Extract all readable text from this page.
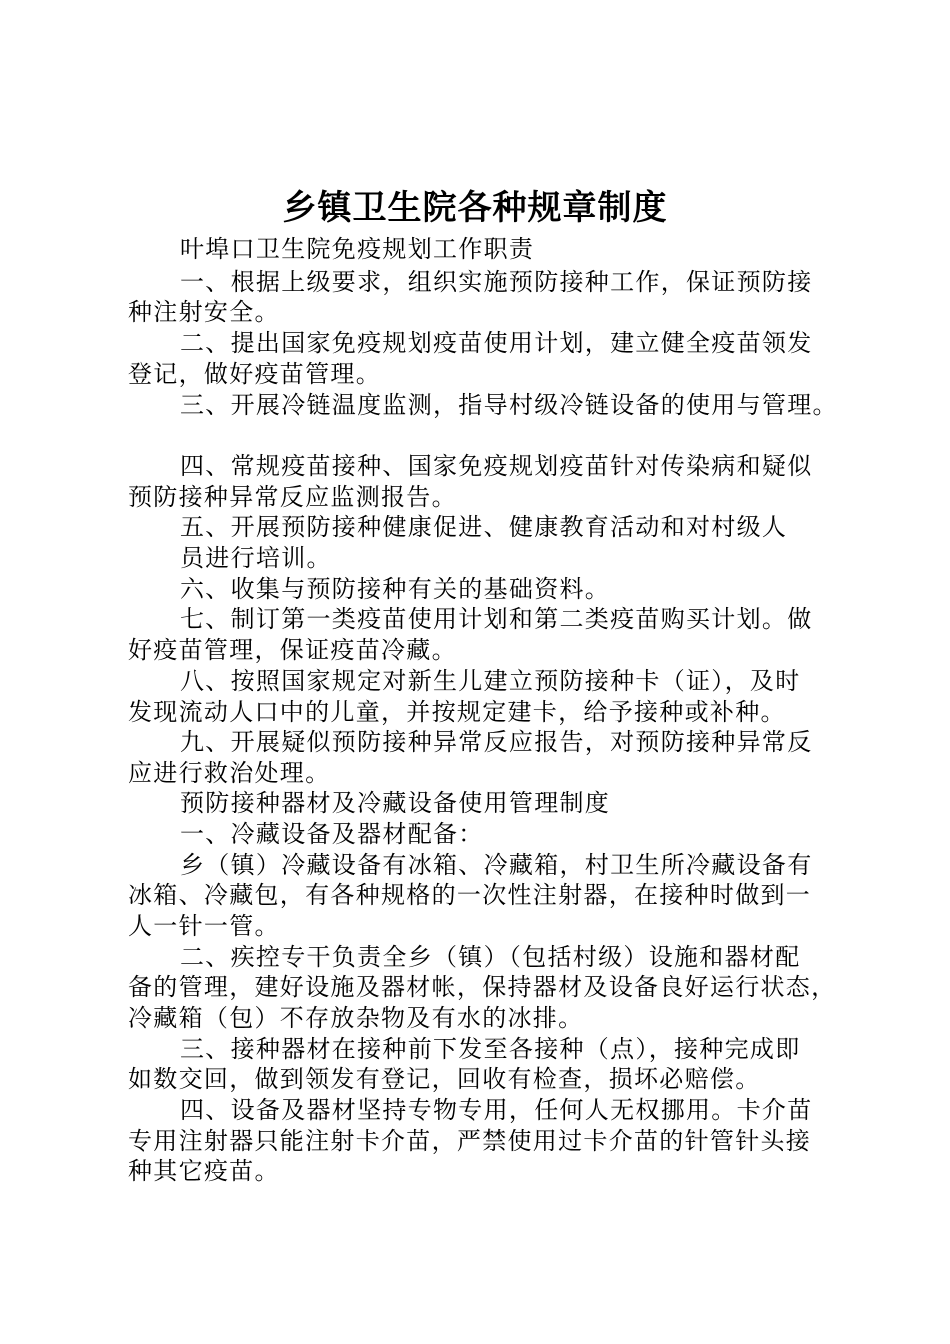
乡镇卫生院各种规章制度
叶埠口卫生院免疫规划工作职责
一、根据上级要求，组织实施预防接种工作，保证预防接
种注射安全。
二、提出国家免疫规划疫苗使用计划，建立健全疫苗领发
登记，做好疫苗管理。
三、开展冷链温度监测，指导村级冷链设备的使用与管理。
四、常规疫苗接种、国家免疫规划疫苗针对传染病和疑似
预防接种异常反应监测报告。
五、开展预防接种健康促进、健康教育活动和对村级人
员进行培训。
六、收集与预防接种有关的基础资料。
七、制订第一类疫苗使用计划和第二类疫苗购买计划。做
好疫苗管理，保证疫苗冷藏。
八、按照国家规定对新生儿建立预防接种卡（证），及时
发现流动人口中的儿童，并按规定建卡，给予接种或补种。
九、开展疑似预防接种异常反应报告，对预防接种异常反
应进行救治处理。
预防接种器材及冷藏设备使用管理制度
一、冷藏设备及器材配备：
乡（镇）冷藏设备有冰箱、冷藏箱，村卫生所冷藏设备有
冰箱、冷藏包，有各种规格的一次性注射器，在接种时做到一
人一针一管。
二、疾控专干负责全乡（镇）（包括村级）设施和器材配
备的管理，建好设施及器材帐，保持器材及设备良好运行状态，
冷藏箱（包）不存放杂物及有水的冰排。
三、接种器材在接种前下发至各接种（点），接种完成即
如数交回，做到领发有登记，回收有检查，损坏必赔偿。
四、设备及器材坚持专物专用，任何人无权挪用。卡介苗
专用注射器只能注射卡介苗，严禁使用过卡介苗的针管针头接
种其它疫苗。
